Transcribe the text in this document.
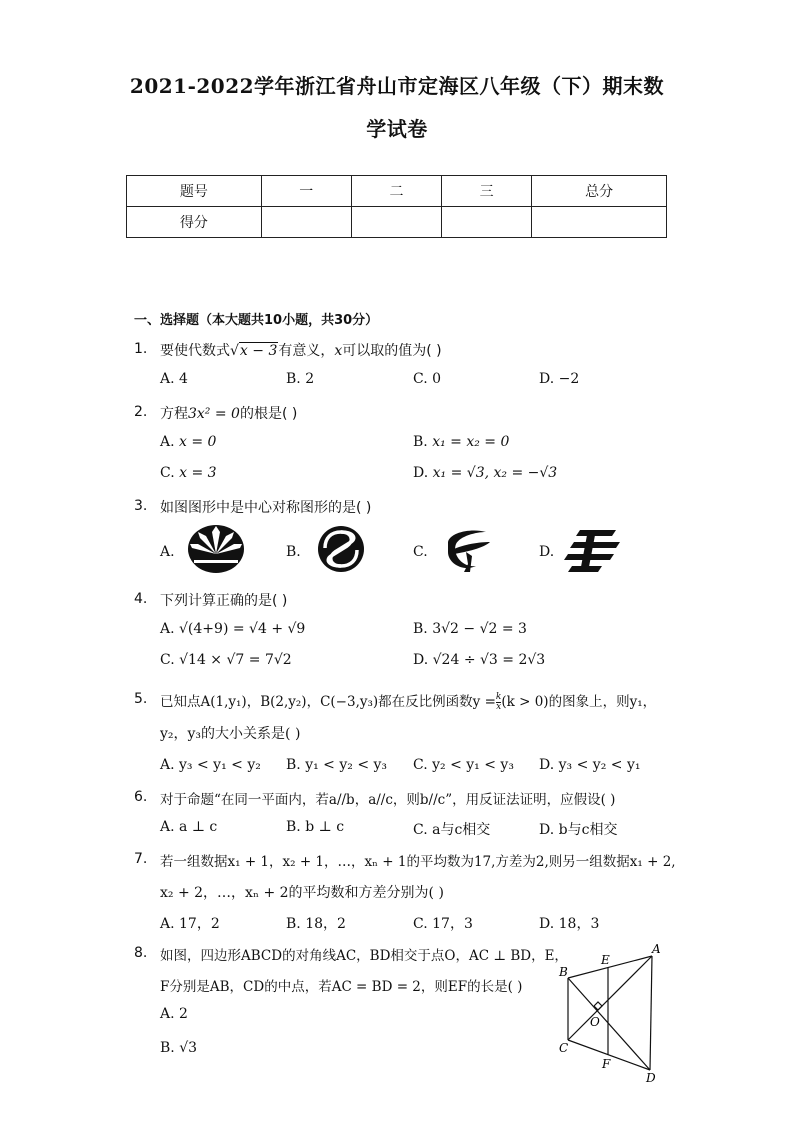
2021-2022学年浙江省舟山市定海区八年级（下）期末数
学试卷
题号	一	二	三	总分
得分				
一、选择题（本大题共10小题，共30分）
1. 要使代数式√x − 3有意义，x可以取的值为( )
A. 4	B. 2	C. 0	D. −2
2. 方程3x² = 0的根是( )
A. x = 0	B. x₁ = x₂ = 0
C. x = 3	D. x₁ = √3, x₂ = −√3
3. 如图图形中是中心对称图形的是( )
A.	B.	C.	D.
4. 下列计算正确的是( )
A. √(4+9) = √4 + √9	B. 3√2 − √2 = 3
C. √14 × √7 = 7√2	D. √24 ÷ √3 = 2√3
5. 已知点A(1,y₁)，B(2,y₂)，C(−3,y₃)都在反比例函数$y = \frac{k}{x} (k > 0)$的图象上，则y₁，
y₂，y₃的大小关系是( )
A. y₃ < y₁ < y₂ B. y₁ < y₂ < y₃ C. y₂ < y₁ < y₃ D. y₃ < y₂ < y₁
6. 对于命题“在同一平面内，若a//b，a//c，则b//c”，用反证法证明，应假设( )
A. a ⊥ c	B. b ⊥ c	C. a与c相交	D. b与c相交
7. 若一组数据x₁ + 1，x₂ + 1，…，xₙ + 1的平均数为17,方差为2,则另一组数据x₁ + 2,
x₂ + 2，…，xₙ + 2的平均数和方差分别为( )
A. 17，2	B. 18，2	C. 17，3	D. 18，3
8. 如图，四边形ABCD的对角线AC，BD相交于点O，AC ⊥ BD，E，
F分别是AB，CD的中点，若AC = BD = 2，则EF的长是( )
A. 2
B. √3
A
B
C
D
E
F
O
